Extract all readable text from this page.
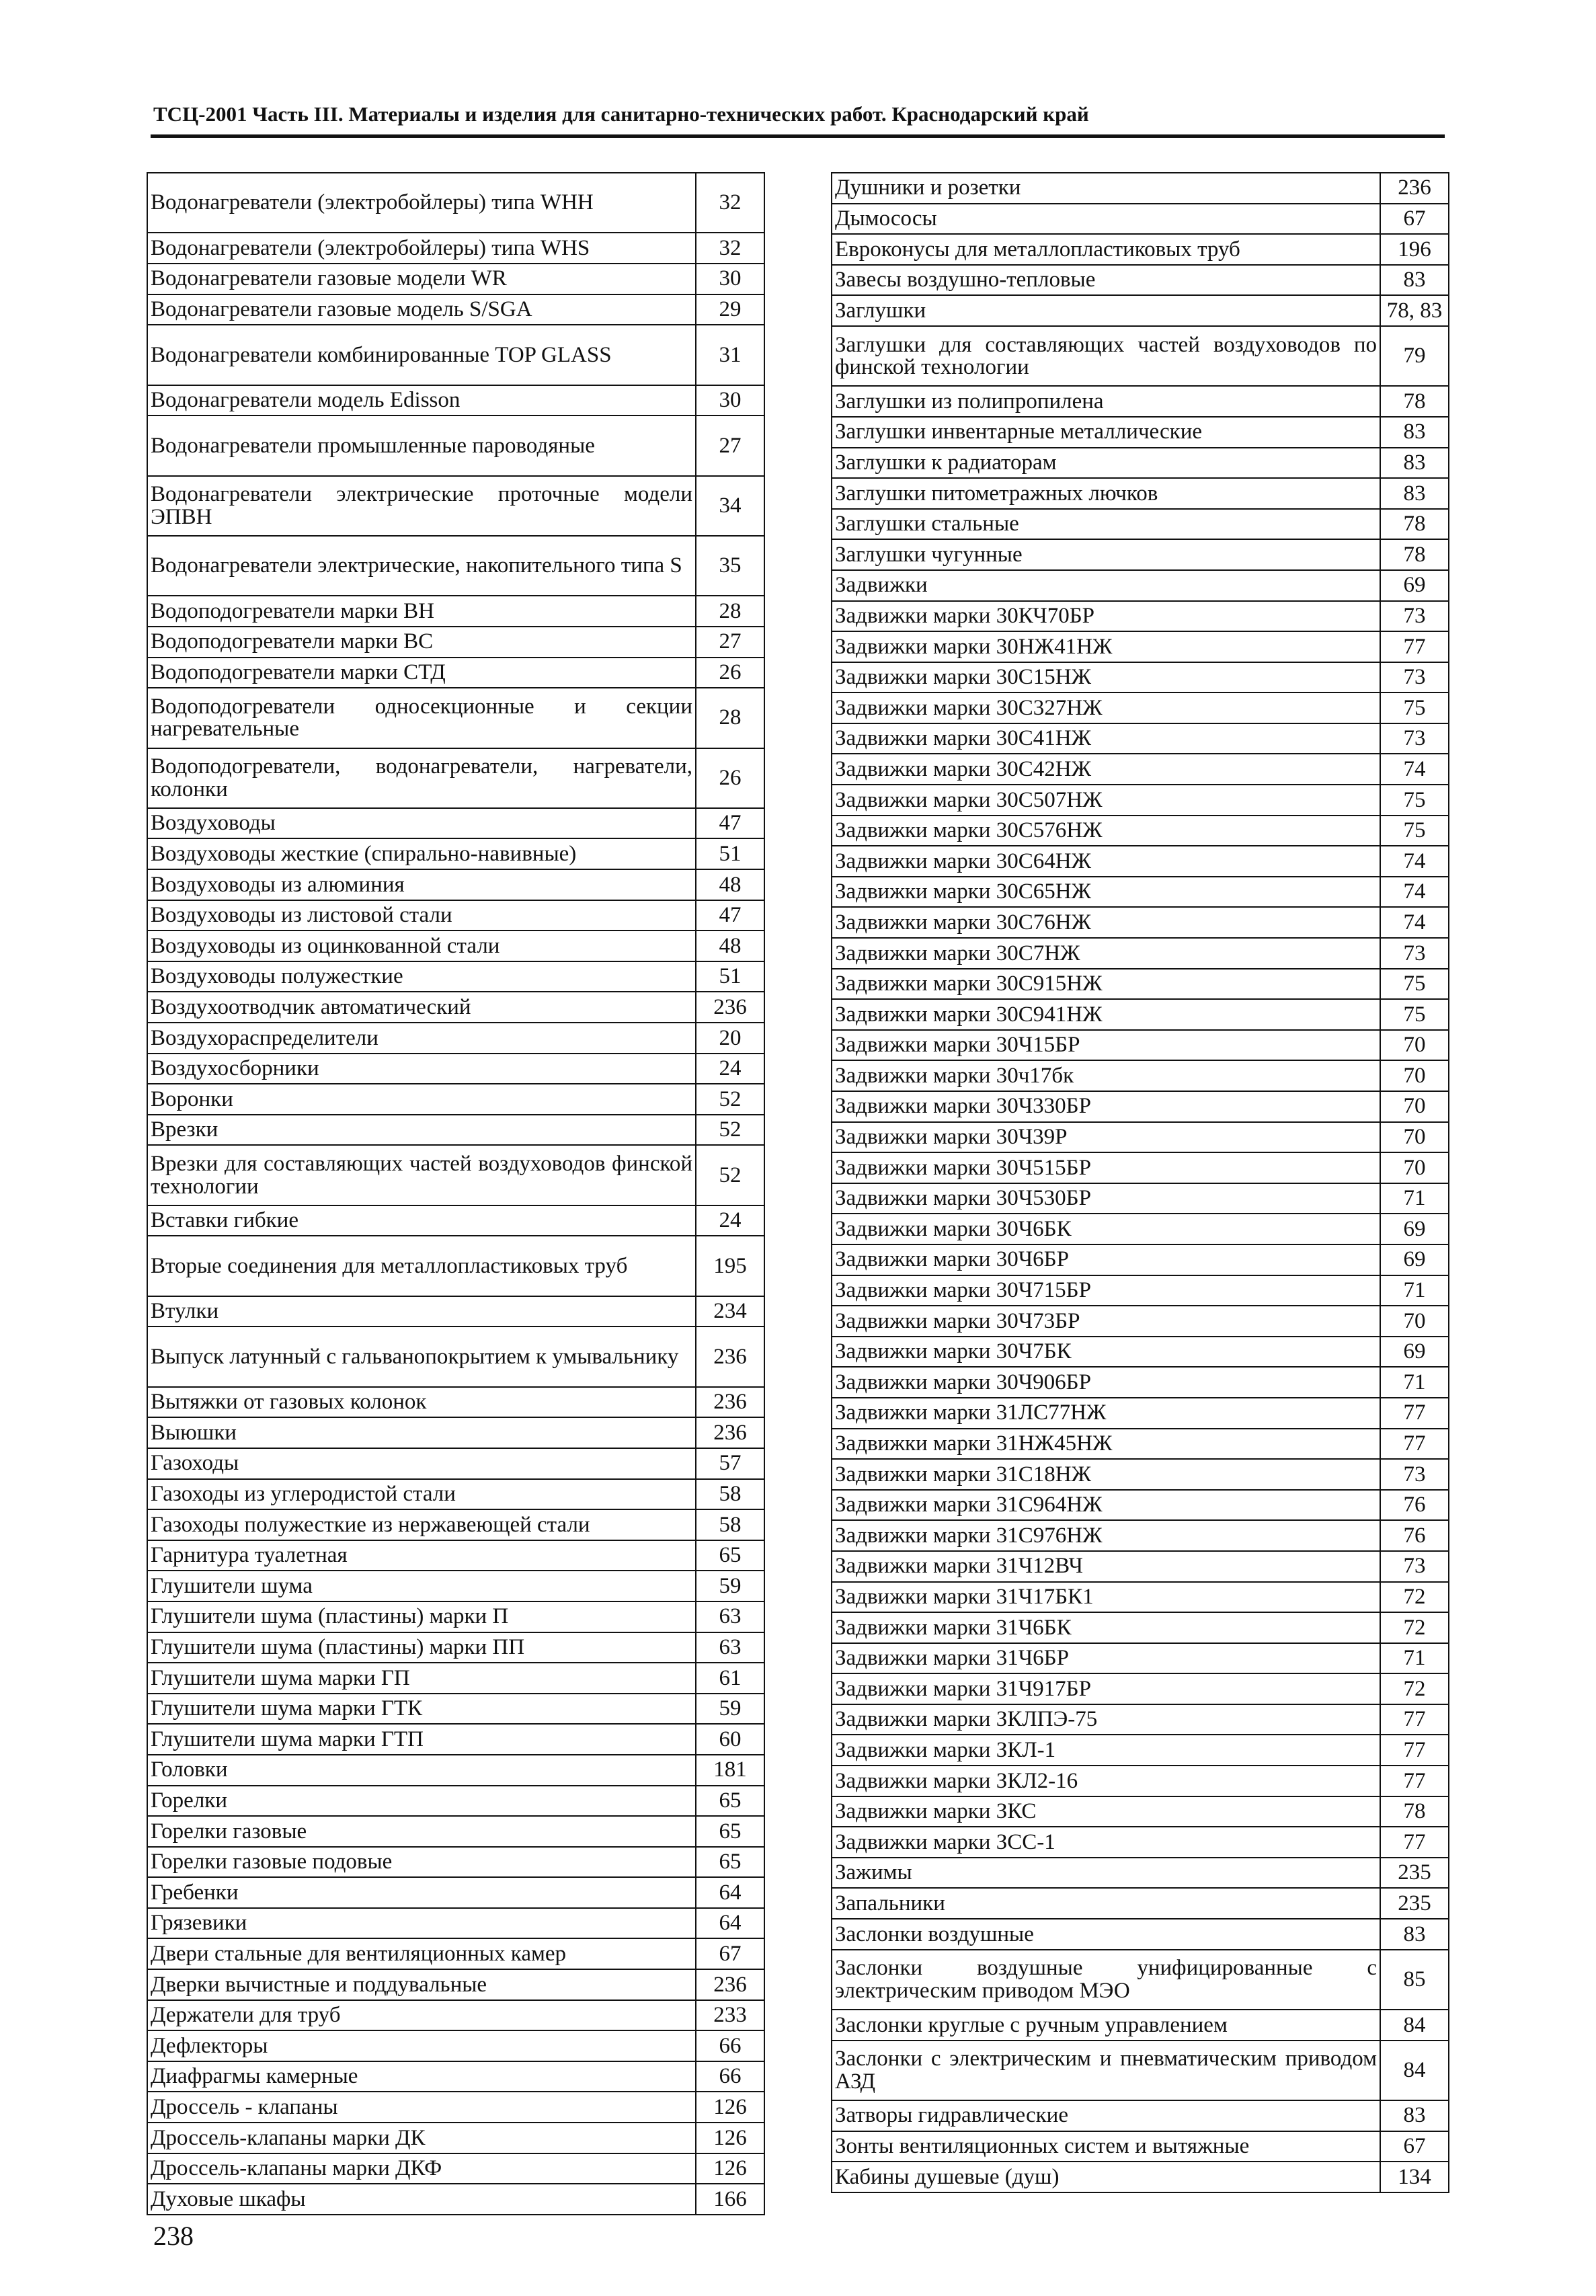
ТСЦ-2001 Часть III. Материалы и изделия для санитарно-технических работ. Краснодарский край
Водонагреватели (электробойлеры) типа WHH	32
Водонагреватели (электробойлеры) типа WHS	32
Водонагреватели газовые модели WR	30
Водонагреватели газовые модель S/SGA	29
Водонагреватели комбинированные TOP GLASS	31
Водонагреватели модель Edisson	30
Водонагреватели промышленные пароводяные	27
Водонагреватели электрические проточные модели ЭПВН	34
Водонагреватели электрические, накопительного типа S	35
Водоподогреватели марки ВН	28
Водоподогреватели марки ВС	27
Водоподогреватели марки СТД	26
Водоподогреватели односекционные и секции нагревательные	28
Водоподогреватели, водонагреватели, нагреватели, колонки	26
Воздуховоды	47
Воздуховоды жесткие (спирально-навивные)	51
Воздуховоды из алюминия	48
Воздуховоды из листовой стали	47
Воздуховоды из оцинкованной стали	48
Воздуховоды полужесткие	51
Воздухоотводчик автоматический	236
Воздухораспределители	20
Воздухосборники	24
Воронки	52
Врезки	52
Врезки для составляющих частей воздуховодов финской технологии	52
Вставки гибкие	24
Вторые соединения для металлопластиковых труб	195
Втулки	234
Выпуск латунный с гальванопокрытием к умывальнику	236
Вытяжки от газовых колонок	236
Выюшки	236
Газоходы	57
Газоходы из углеродистой стали	58
Газоходы полужесткие из нержавеющей стали	58
Гарнитура туалетная	65
Глушители шума	59
Глушители шума (пластины) марки П	63
Глушители шума (пластины) марки ПП	63
Глушители шума марки ГП	61
Глушители шума марки ГТК	59
Глушители шума марки ГТП	60
Головки	181
Горелки	65
Горелки газовые	65
Горелки газовые подовые	65
Гребенки	64
Грязевики	64
Двери стальные для вентиляционных камер	67
Дверки вычистные и поддувальные	236
Держатели для труб	233
Дефлекторы	66
Диафрагмы камерные	66
Дроссель - клапаны	126
Дроссель-клапаны марки ДК	126
Дроссель-клапаны марки ДКФ	126
Духовые шкафы	166
Душники и розетки	236
Дымососы	67
Евроконусы для металлопластиковых труб	196
Завесы воздушно-тепловые	83
Заглушки	78, 83
Заглушки для составляющих частей воздуховодов по финской технологии	79
Заглушки из полипропилена	78
Заглушки инвентарные металлические	83
Заглушки к радиаторам	83
Заглушки питометражных лючков	83
Заглушки стальные	78
Заглушки чугунные	78
Задвижки	69
Задвижки марки 30КЧ70БР	73
Задвижки марки 30НЖ41НЖ	77
Задвижки марки 30С15НЖ	73
Задвижки марки 30С327НЖ	75
Задвижки марки 30С41НЖ	73
Задвижки марки 30С42НЖ	74
Задвижки марки 30С507НЖ	75
Задвижки марки 30С576НЖ	75
Задвижки марки 30С64НЖ	74
Задвижки марки 30С65НЖ	74
Задвижки марки 30С76НЖ	74
Задвижки марки 30С7НЖ	73
Задвижки марки 30С915НЖ	75
Задвижки марки 30С941НЖ	75
Задвижки марки 30Ч15БР	70
Задвижки марки 30ч17бк	70
Задвижки марки 30Ч330БР	70
Задвижки марки 30Ч39Р	70
Задвижки марки 30Ч515БР	70
Задвижки марки 30Ч530БР	71
Задвижки марки 30Ч6БК	69
Задвижки марки 30Ч6БР	69
Задвижки марки 30Ч715БР	71
Задвижки марки 30Ч73БР	70
Задвижки марки 30Ч7БК	69
Задвижки марки 30Ч906БР	71
Задвижки марки 31ЛС77НЖ	77
Задвижки марки 31НЖ45НЖ	77
Задвижки марки 31С18НЖ	73
Задвижки марки 31С964НЖ	76
Задвижки марки 31С976НЖ	76
Задвижки марки 31Ч12ВЧ	73
Задвижки марки 31Ч17БК1	72
Задвижки марки 31Ч6БК	72
Задвижки марки 31Ч6БР	71
Задвижки марки 31Ч917БР	72
Задвижки марки ЗКЛПЭ-75	77
Задвижки марки ЗКЛ-1	77
Задвижки марки ЗКЛ2-16	77
Задвижки марки ЗКС	78
Задвижки марки ЗСС-1	77
Зажимы	235
Запальники	235
Заслонки воздушные	83
Заслонки воздушные унифицированные с электрическим приводом МЭО	85
Заслонки круглые с ручным управлением	84
Заслонки с электрическим и пневматическим приводом АЗД	84
Затворы гидравлические	83
Зонты вентиляционных систем и вытяжные	67
Кабины душевые (душ)	134
238
